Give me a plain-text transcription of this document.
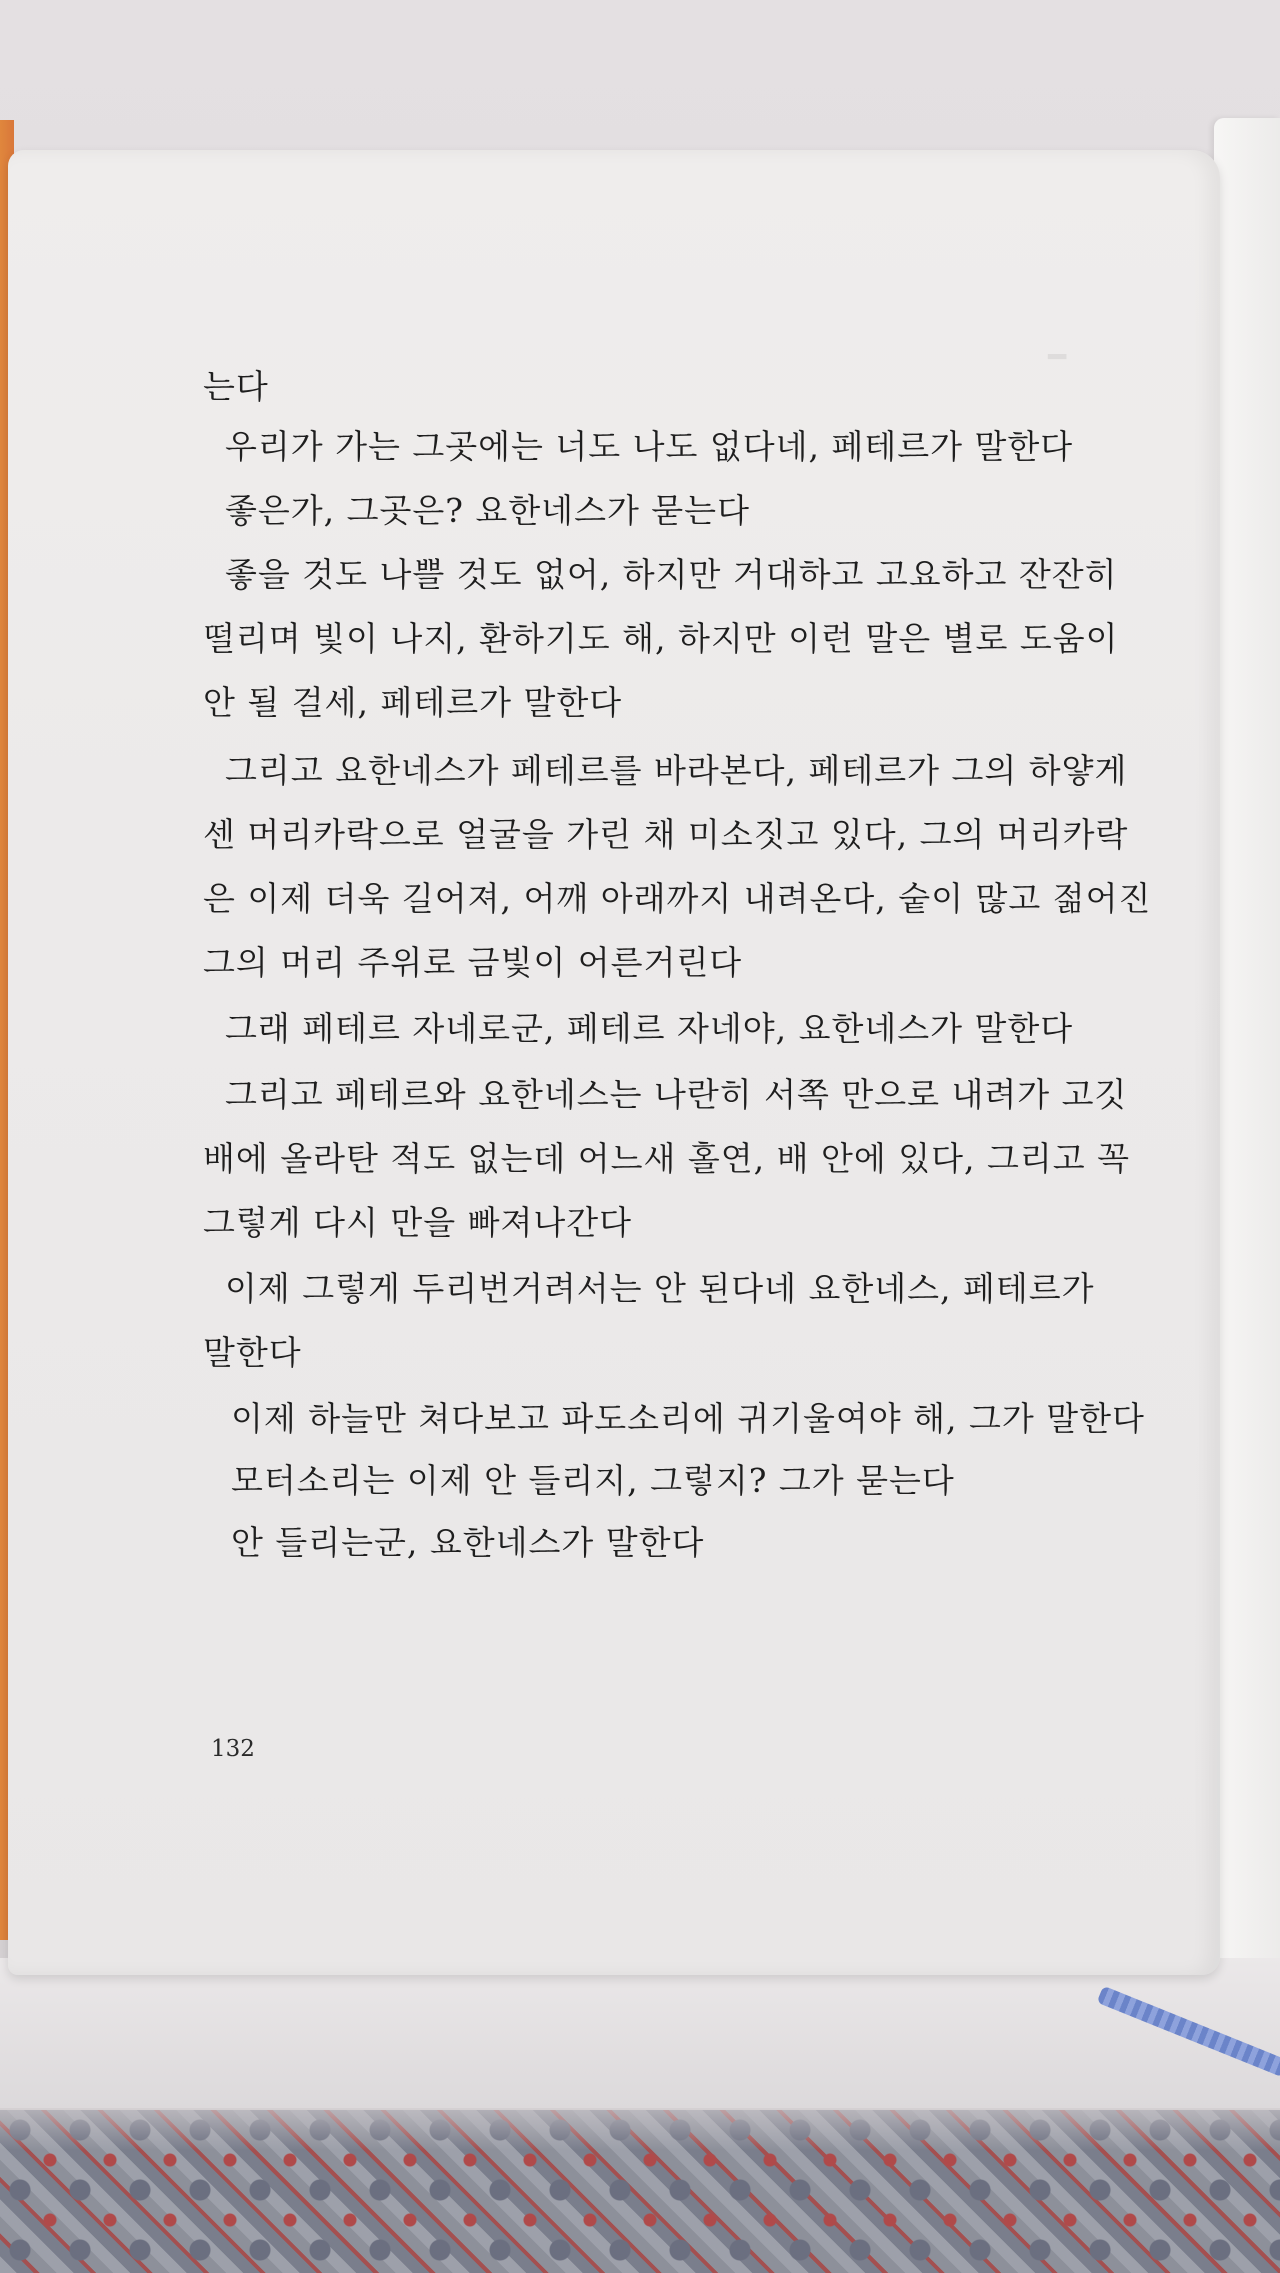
━
는다
우리가 가는 그곳에는 너도 나도 없다네, 페테르가 말한다
좋은가, 그곳은? 요한네스가 묻는다
좋을 것도 나쁠 것도 없어, 하지만 거대하고 고요하고 잔잔히
떨리며 빛이 나지, 환하기도 해, 하지만 이런 말은 별로 도움이
안 될 걸세, 페테르가 말한다
그리고 요한네스가 페테르를 바라본다, 페테르가 그의 하얗게
센 머리카락으로 얼굴을 가린 채 미소짓고 있다, 그의 머리카락
은 이제 더욱 길어져, 어깨 아래까지 내려온다, 숱이 많고 젊어진
그의 머리 주위로 금빛이 어른거린다
그래 페테르 자네로군, 페테르 자네야, 요한네스가 말한다
그리고 페테르와 요한네스는 나란히 서쪽 만으로 내려가 고깃
배에 올라탄 적도 없는데 어느새 홀연, 배 안에 있다, 그리고 꼭
그렇게 다시 만을 빠져나간다
이제 그렇게 두리번거려서는 안 된다네 요한네스, 페테르가
말한다
이제 하늘만 쳐다보고 파도소리에 귀기울여야 해, 그가 말한다
모터소리는 이제 안 들리지, 그렇지? 그가 묻는다
안 들리는군, 요한네스가 말한다
132
